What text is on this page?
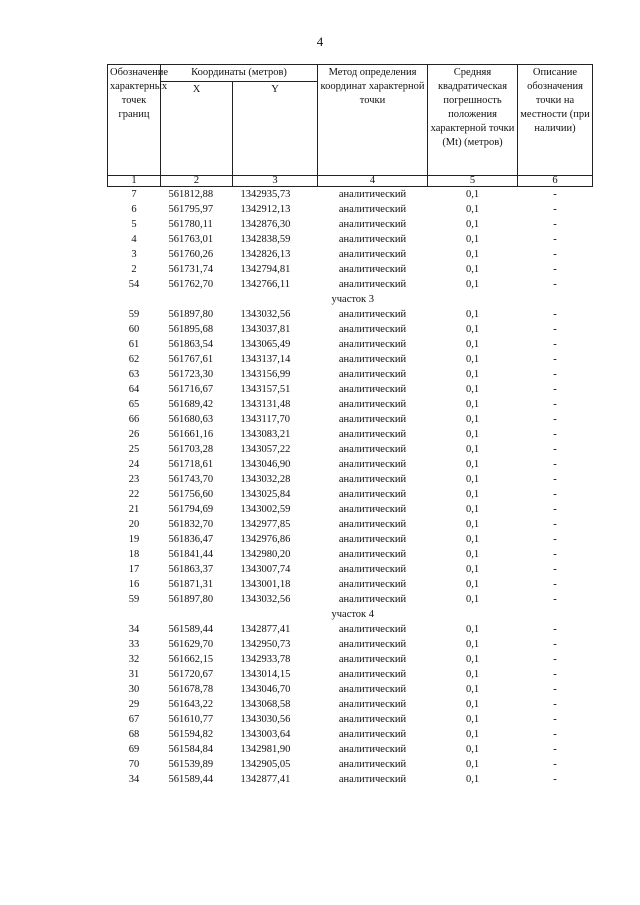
4
Обозначение характерных точек границ	Координаты (метров)		Метод определения координат характерной точки	Средняя квадратическая погрешность положения характерной точки (Mt) (метров)	Описание обозначения точки на местности (при наличии)
	X	Y			
1	2	3	4	5	6
7	561812,88	1342935,73	аналитический	0,1	-
6	561795,97	1342912,13	аналитический	0,1	-
5	561780,11	1342876,30	аналитический	0,1	-
4	561763,01	1342838,59	аналитический	0,1	-
3	561760,26	1342826,13	аналитический	0,1	-
2	561731,74	1342794,81	аналитический	0,1	-
54	561762,70	1342766,11	аналитический	0,1	-
			участок 3		
59	561897,80	1343032,56	аналитический	0,1	-
60	561895,68	1343037,81	аналитический	0,1	-
61	561863,54	1343065,49	аналитический	0,1	-
62	561767,61	1343137,14	аналитический	0,1	-
63	561723,30	1343156,99	аналитический	0,1	-
64	561716,67	1343157,51	аналитический	0,1	-
65	561689,42	1343131,48	аналитический	0,1	-
66	561680,63	1343117,70	аналитический	0,1	-
26	561661,16	1343083,21	аналитический	0,1	-
25	561703,28	1343057,22	аналитический	0,1	-
24	561718,61	1343046,90	аналитический	0,1	-
23	561743,70	1343032,28	аналитический	0,1	-
22	561756,60	1343025,84	аналитический	0,1	-
21	561794,69	1343002,59	аналитический	0,1	-
20	561832,70	1342977,85	аналитический	0,1	-
19	561836,47	1342976,86	аналитический	0,1	-
18	561841,44	1342980,20	аналитический	0,1	-
17	561863,37	1343007,74	аналитический	0,1	-
16	561871,31	1343001,18	аналитический	0,1	-
59	561897,80	1343032,56	аналитический	0,1	-
			участок 4		
34	561589,44	1342877,41	аналитический	0,1	-
33	561629,70	1342950,73	аналитический	0,1	-
32	561662,15	1342933,78	аналитический	0,1	-
31	561720,67	1343014,15	аналитический	0,1	-
30	561678,78	1343046,70	аналитический	0,1	-
29	561643,22	1343068,58	аналитический	0,1	-
67	561610,77	1343030,56	аналитический	0,1	-
68	561594,82	1343003,64	аналитический	0,1	-
69	561584,84	1342981,90	аналитический	0,1	-
70	561539,89	1342905,05	аналитический	0,1	-
34	561589,44	1342877,41	аналитический	0,1	-
